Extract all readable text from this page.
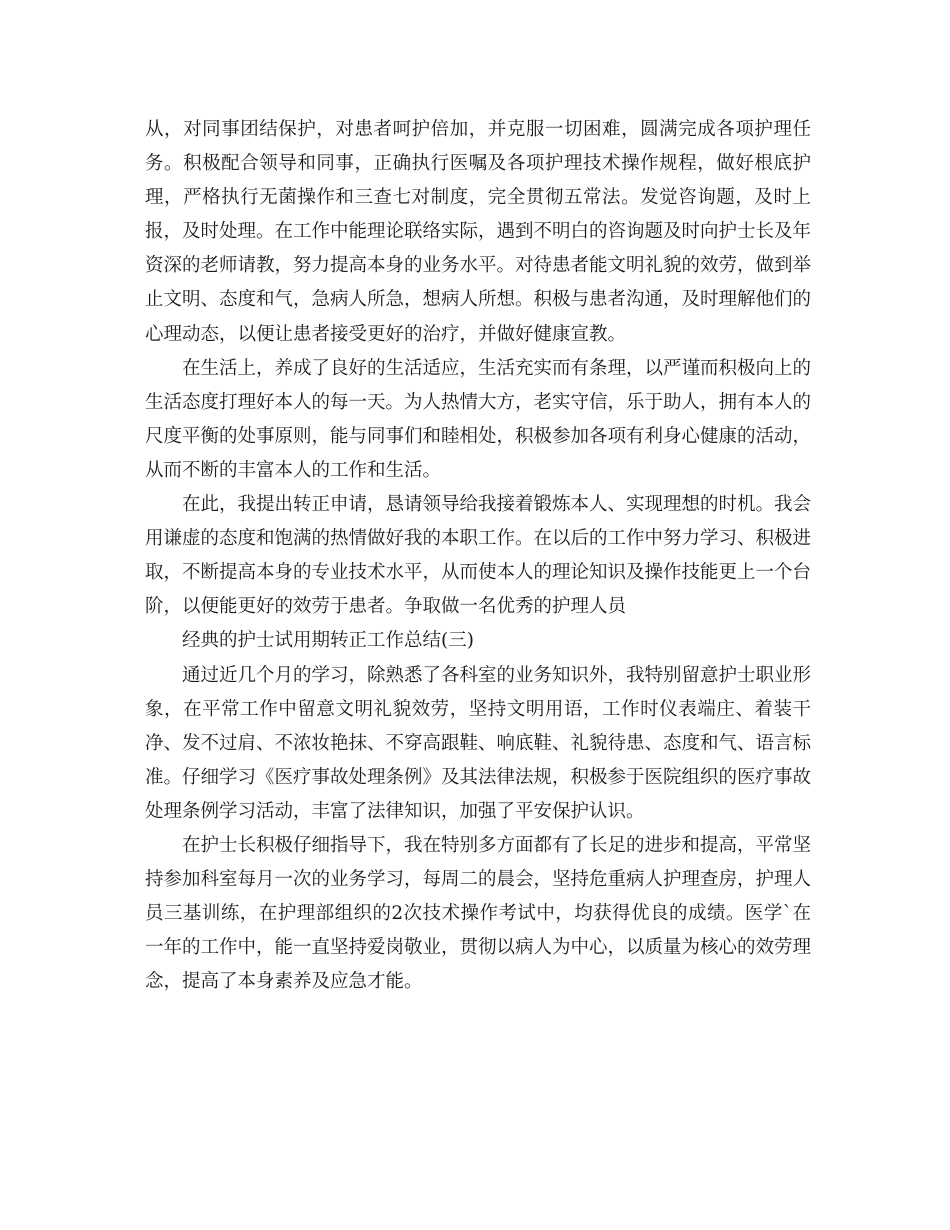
从，对同事团结保护，对患者呵护倍加，并克服一切困难，圆满完成各项护理任务。积极配合领导和同事，正确执行医嘱及各项护理技术操作规程，做好根底护理，严格执行无菌操作和三查七对制度，完全贯彻五常法。发觉咨询题，及时上报，及时处理。在工作中能理论联络实际，遇到不明白的咨询题及时向护士长及年资深的老师请教，努力提高本身的业务水平。对待患者能文明礼貌的效劳，做到举止文明、态度和气，急病人所急，想病人所想。积极与患者沟通，及时理解他们的心理动态，以便让患者接受更好的治疗，并做好健康宣教。

在生活上，养成了良好的生活适应，生活充实而有条理，以严谨而积极向上的生活态度打理好本人的每一天。为人热情大方，老实守信，乐于助人，拥有本人的尺度平衡的处事原则，能与同事们和睦相处，积极参加各项有利身心健康的活动，从而不断的丰富本人的工作和生活。

在此，我提出转正申请，恳请领导给我接着锻炼本人、实现理想的时机。我会用谦虚的态度和饱满的热情做好我的本职工作。在以后的工作中努力学习、积极进取，不断提高本身的专业技术水平，从而使本人的理论知识及操作技能更上一个台阶，以便能更好的效劳于患者。争取做一名优秀的护理人员

经典的护士试用期转正工作总结(三)

通过近几个月的学习，除熟悉了各科室的业务知识外，我特别留意护士职业形象，在平常工作中留意文明礼貌效劳，坚持文明用语，工作时仪表端庄、着装干净、发不过肩、不浓妆艳抹、不穿高跟鞋、响底鞋、礼貌待患、态度和气、语言标准。仔细学习《医疗事故处理条例》及其法律法规，积极参于医院组织的医疗事故处理条例学习活动，丰富了法律知识，加强了平安保护认识。

在护士长积极仔细指导下，我在特别多方面都有了长足的进步和提高，平常坚持参加科室每月一次的业务学习，每周二的晨会，坚持危重病人护理查房，护理人员三基训练，在护理部组织的2次技术操作考试中，均获得优良的成绩。医学`在一年的工作中，能一直坚持爱岗敬业，贯彻以病人为中心，以质量为核心的效劳理念，提高了本身素养及应急才能。
